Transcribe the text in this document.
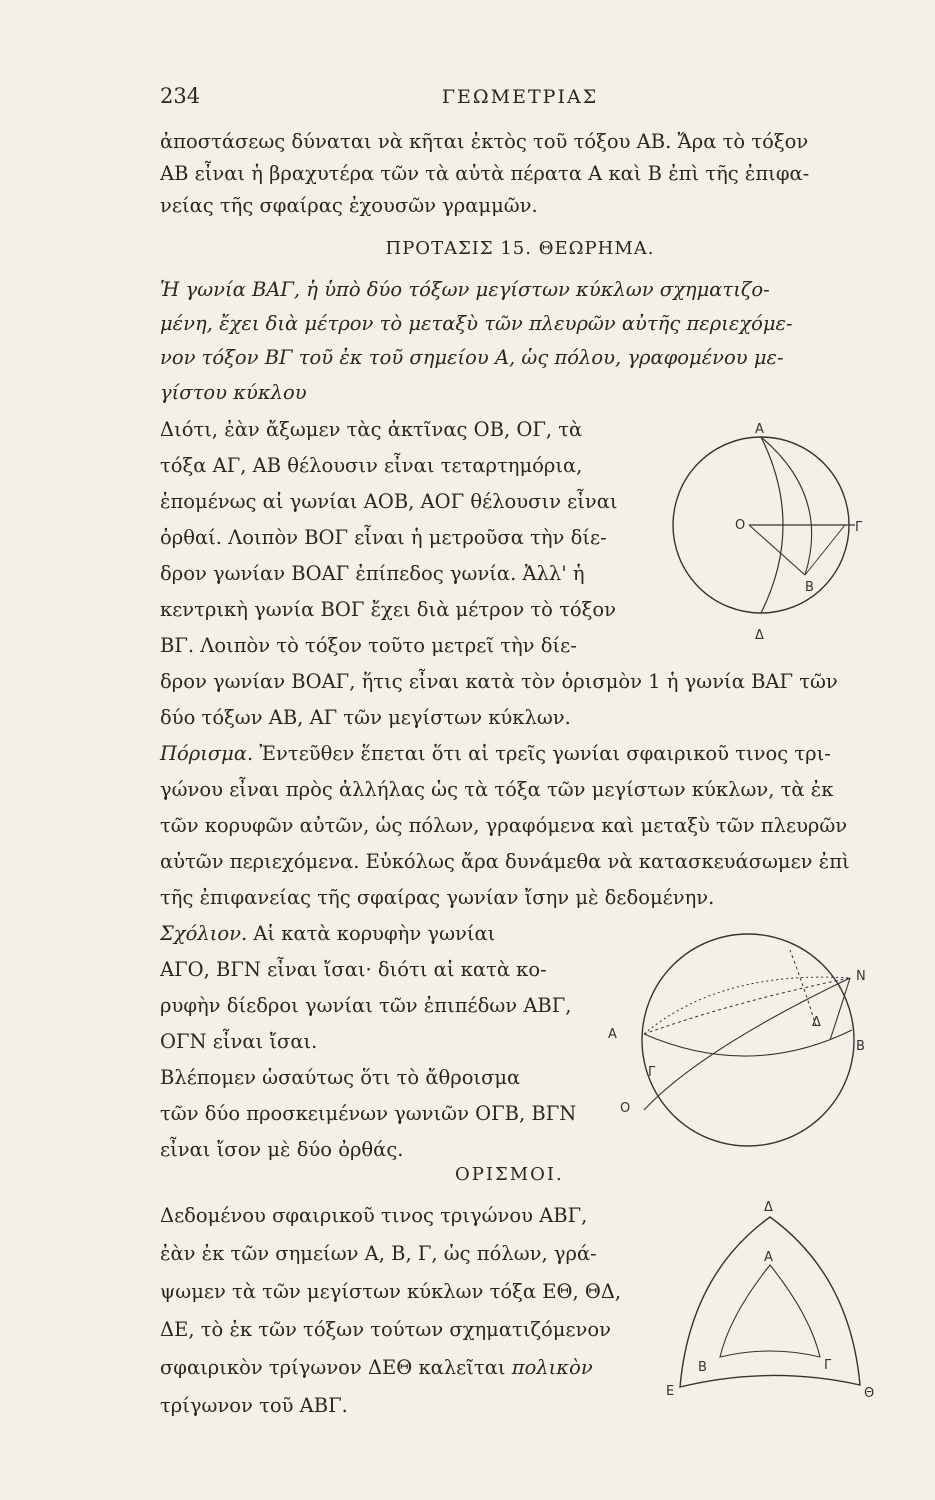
234	ΓΕΩΜΕΤΡΙΑΣ
ἀποστάσεως δύναται νὰ κῆται ἐκτὸς τοῦ τόξου ΑΒ. Ἄρα τὸ τόξον
ΑΒ εἶναι ἡ βραχυτέρα τῶν τὰ αὐτὰ πέρατα Α καὶ Β ἐπὶ τῆς ἐπιφα-
νείας τῆς σφαίρας ἐχουσῶν γραμμῶν.
ΠΡΟΤΑΣΙΣ 15. ΘΕΩΡΗΜΑ.
Ἡ γωνία ΒΑΓ, ἡ ὑπὸ δύο τόξων μεγίστων κύκλων σχηματιζο-
μένη, ἔχει διὰ μέτρον τὸ μεταξὺ τῶν πλευρῶν αὐτῆς περιεχόμε-
νον τόξον ΒΓ τοῦ ἐκ τοῦ σημείου Α, ὡς πόλου, γραφομένου με-
γίστου κύκλου
Διότι, ἐὰν ἄξωμεν τὰς ἀκτῖνας ΟΒ, ΟΓ, τὰ
τόξα ΑΓ, ΑΒ θέλουσιν εἶναι τεταρτημόρια,
ἑπομένως αἱ γωνίαι ΑΟΒ, ΑΟΓ θέλουσιν εἶναι
ὀρθαί. Λοιπὸν ΒΟΓ εἶναι ἡ μετροῦσα τὴν δίε-
δρον γωνίαν ΒΟΑΓ ἐπίπεδος γωνία. Ἀλλ' ἡ
κεντρικὴ γωνία ΒΟΓ ἔχει διὰ μέτρον τὸ τόξον
ΒΓ. Λοιπὸν τὸ τόξον τοῦτο μετρεῖ τὴν δίε-
δρον γωνίαν ΒΟΑΓ, ἥτις εἶναι κατὰ τὸν ὁρισμὸν 1 ἡ γωνία ΒΑΓ τῶν
δύο τόξων ΑΒ, ΑΓ τῶν μεγίστων κύκλων.
Πόρισμα. Ἐντεῦθεν ἕπεται ὅτι αἱ τρεῖς γωνίαι σφαιρικοῦ τινος τρι-
γώνου εἶναι πρὸς ἀλλήλας ὡς τὰ τόξα τῶν μεγίστων κύκλων, τὰ ἐκ
τῶν κορυφῶν αὐτῶν, ὡς πόλων, γραφόμενα καὶ μεταξὺ τῶν πλευρῶν
αὐτῶν περιεχόμενα. Εὐκόλως ἄρα δυνάμεθα νὰ κατασκευάσωμεν ἐπὶ
τῆς ἐπιφανείας τῆς σφαίρας γωνίαν ἴσην μὲ δεδομένην.
Σχόλιον. Αἱ κατὰ κορυφὴν γωνίαι
ΑΓΟ, ΒΓΝ εἶναι ἴσαι· διότι αἱ κατὰ κο-
ρυφὴν δίεδροι γωνίαι τῶν ἐπιπέδων ΑΒΓ,
ΟΓΝ εἶναι ἴσαι.
Βλέπομεν ὡσαύτως ὅτι τὸ ἄθροισμα
τῶν δύο προσκειμένων γωνιῶν ΟΓΒ, ΒΓΝ
εἶναι ἴσον μὲ δύο ὀρθάς.
ΟΡΙΣΜΟΙ.
Δεδομένου σφαιρικοῦ τινος τριγώνου ΑΒΓ,
ἐὰν ἐκ τῶν σημείων Α, Β, Γ, ὡς πόλων, γρά-
ψωμεν τὰ τῶν μεγίστων κύκλων τόξα ΕΘ, ΘΔ,
ΔΕ, τὸ ἐκ τῶν τόξων τούτων σχηματιζόμενον
σφαιρικὸν τρίγωνον ΔΕΘ καλεῖται πολικὸν
τρίγωνον τοῦ ΑΒΓ.
Α
Ο	Γ
Β
Δ
Ν
Δ
Α
Β
Γ
Ο
Δ
Α
Β	Γ
Ε	Θ
